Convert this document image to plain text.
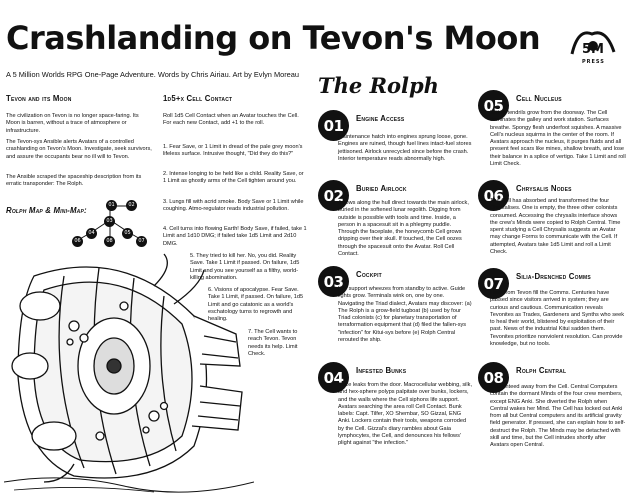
Crashlanding on Tevon's Moon
A 5 Million Worlds RPG One-Page Adventure. Words by Chris Airiau. Art by Evlyn Moreau
5M
PRESS
Tevon and its Moon
The civilization on Tevon is no longer space-faring. Its Moon is barren, without a trace of atmosphere or infrastructure.
The Tevon-sys Ansible alerts Avatars of a controlled crashlanding on Tevon's Moon. Investigate, seek survivors, and assure the occupants bear no ill will to Tevon.
The Ansible scraped the spaceship description from its erratic transponder: The Rolph.
Rolph Map & Mini-Map:
01	02
03
04	05
06	07
08
1d5+x Cell Contact
Roll 1d5 Cell Contact when an Avatar touches the Cell. For each new Contact, add +1 to the roll.
1. Fear Save, or 1 Limit in dread of the pale grey moon's lifeless surface. Intrusive thought, "Did they do this?"
2. Intense longing to be held like a child. Reality Save, or 1 Limit as ghostly arms of the Cell tighten around you.
3. Lungs fill with acrid smoke. Body Save or 1 Limit while coughing. Atmo-regulator reads industrial pollution.
4. Cell turns into flowing Earth! Body Save, if failed, take 1 Limit and 1d10 DMG; if failed take 1d5 Limit and 2d10 DMG.
5. They tried to kill her. No, you did. Reality Save. Take 1 Limit if passed. On failure, 1d5 Limit and you see yourself as a filthy, world-killing abomination.
6. Visions of apocalypse. Fear Save. Take 1 Limit, if passed. On failure, 1d5 Limit and go catatonic as a world's eschatology turns to regrowth and healing.
7. The Cell wants to reach Tevon. Tevon needs its help. Limit Check.
The Rolph
01 Engine Access
Maintenance hatch into engines sprung loose, gone. Engines are ruined, though fuel lines intact-fuel stores jettisoned. Airlock unrecycled since before the crash. Interior temperature reads abnormally high.
02 Buried Airlock
Arrows along the hull direct towards the main airlock, buried in the softened lunar regolith. Digging from outside is possible with tools and time. Inside, a person in a spacesuit sit in a phlegmy puddle. Through the faceplate, the honeycomb Cell grows dripping over their skull. If touched, the Cell oozes through the spacesuit onto the Avatar. Roll Cell Contact.
03 Cockpit
Life support wheezes from standby to active. Guide lights grow. Terminals wink on, one by one. Navigating the Triad dialect, Avatars may discover: (a) The Rolph is a grow-field tugboat (b) used by four Triad colonists (c) for planetary transportation of terraformation equipment that (d) filed the fallen-sys "infection" for Kitui-sys before (e) Rolph Central rerouted the ship.
04 Infested Bunks
Ooze leaks from the door. Macrocellular webbing, silk, and hex-sphere polyps palpitate over bunks, lockers, and the walls where the Cell siphons life support. Avatars searching the area roll Cell Contact. Bunk labels: Capt. Tilfer, XO Shembar, SO Gizzal, ENG Anki. Lockers contain their tools, weapons corroded by the Cell. Gizzal's diary rambles about Gaia lymphocytes, the Cell, and denounces his fellows' plight against "the infection."
05 Cell Nucleus
Yellow tendrils grow from the doorway. The Cell dominates the galley and work station. Surfaces breathe. Spongy flesh underfoot squishes. A massive Cell's nucleus squirms in the center of the room. If Avatars approach the nucleus, it purges fluids and all present feel scars like mines, shallow breath, and lose their balance in a splice of vertigo. Take 1 Limit and roll Limit Check.
06 Chrysalis Nodes
The Cell has absorbed and transformed the four Chrysalises. One is empty, the three other colonists consumed. Accessing the chrysalis interface shows the crew's Minds were copied to Rolph Central. Time spent studying a Cell Chrysalis suggests an Avatar may change Forms to communicate with the Cell. If attempted, Avatars take 1d5 Limit and roll a Limit Check.
07 Silia-Drenched Comms
Hails from Tevon fill the Comms. Centuries have passed since visitors arrived in system; they are curious and cautious. Communication reveals Tevonites as Trades, Gardeners and Synths who seek to heal their world, blistered by exploitation of their past. News of the industrial Kitui sadden them. Tevonites prioritize nonviolent resolution. Can provide knowledge, but no tools.
08 Rolph Central
Guaranteed away from the Cell. Central Computers contain the dormant Minds of the four crew members, except ENG Anki. She diverted the Rolph when Central wakes her Mind. The Cell has locked out Anki from all but Central computers and its artificial gravity field generator. If pressed, she can explain how to self-destruct the Rolph. The Minds may be detached with skill and time, but the Cell intrudes shortly after Avatars open Central.
